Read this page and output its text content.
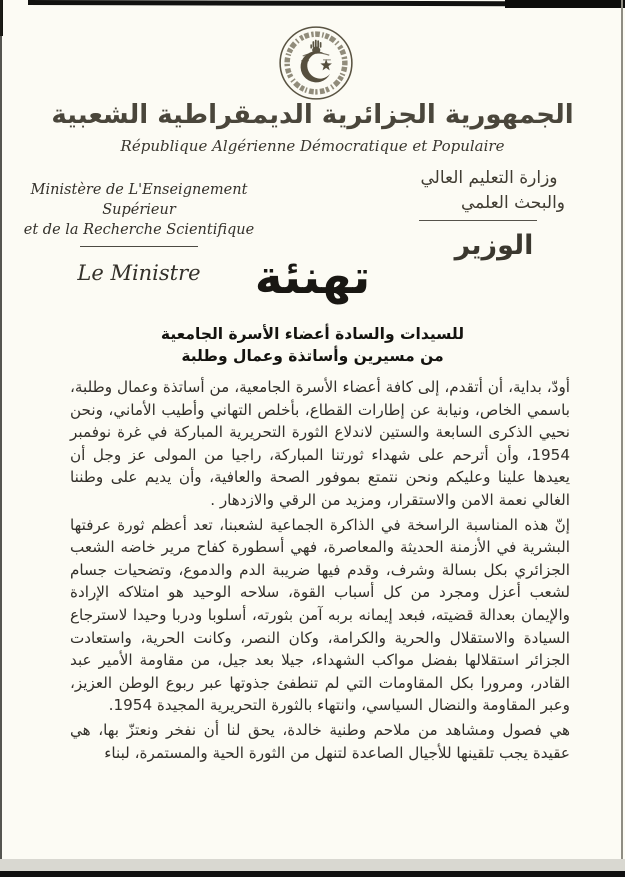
الجمهورية الجزائرية الديمقراطية الشعبية
République Algérienne Démocratique et Populaire
Ministère de L'Enseignement Supérieur
et de la Recherche Scientifique
Le Ministre
وزارة التعليم العالي
والبحث العلمي
الوزير
تهنئة
للسيدات والسادة أعضاء الأسرة الجامعية
من مسيرين وأساتذة وعمال وطلبة

أودّ، بداية، أن أتقدم، إلى كافة أعضاء الأسرة الجامعية، من أساتذة وعمال وطلبة، باسمي الخاص، ونيابة عن إطارات القطاع، بأخلص التهاني وأطيب الأماني، ونحن نحيي الذكرى السابعة والستين لاندلاع الثورة التحريرية المباركة في غرة نوفمبر 1954، وأن أترحم على شهداء ثورتنا المباركة، راجيا من المولى عز وجل أن يعيدها علينا وعليكم ونحن نتمتع بموفور الصحة والعافية، وأن يديم على وطننا الغالي نعمة الامن والاستقرار، ومزيد من الرقي والازدهار .

إنّ هذه المناسبة الراسخة في الذاكرة الجماعية لشعبنا، تعد أعظم ثورة عرفتها البشرية في الأزمنة الحديثة والمعاصرة، فهي أسطورة كفاح مرير خاضه الشعب الجزائري بكل بسالة وشرف، وقدم فيها ضريبة الدم والدموع، وتضحيات جسام لشعب أعزل ومجرد من كل أسباب القوة، سلاحه الوحيد هو امتلاكه الإرادة والإيمان بعدالة قضيته، فبعد إيمانه بربه آمن بثورته، أسلوبا ودربا وحيدا لاسترجاع السيادة والاستقلال والحرية والكرامة، وكان النصر، وكانت الحرية، واستعادت الجزائر استقلالها بفضل مواكب الشهداء، جيلا بعد جيل، من مقاومة الأمير عبد القادر، ومرورا بكل المقاومات التي لم تنطفئ جذوتها عبر ربوع الوطن العزيز، وعبر المقاومة والنضال السياسي، وانتهاء بالثورة التحريرية المجيدة 1954.

هي فصول ومشاهد من ملاحم وطنية خالدة، يحق لنا أن نفخر ونعتزّ بها، هي عقيدة يجب تلقينها للأجيال الصاعدة لتنهل من الثورة الحية والمستمرة، لبناء
